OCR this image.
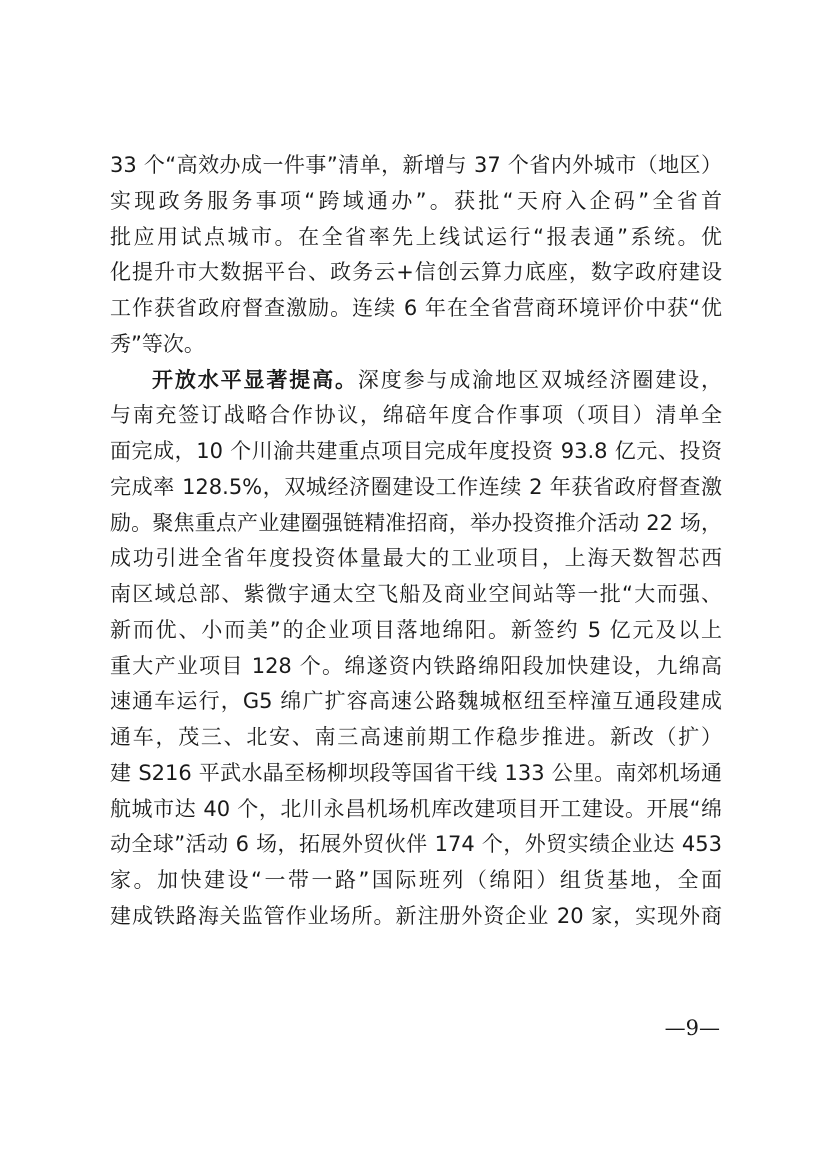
33 个“高效办成一件事”清单，新增与 37 个省内外城市（地区）
实现政务服务事项“跨域通办”。获批“天府入企码”全省首
批应用试点城市。在全省率先上线试运行“报表通”系统。优
化提升市大数据平台、政务云+信创云算力底座，数字政府建设
工作获省政府督查激励。连续 6 年在全省营商环境评价中获“优
秀”等次。
开放水平显著提高。深度参与成渝地区双城经济圈建设，
与南充签订战略合作协议，绵碚年度合作事项（项目）清单全
面完成，10 个川渝共建重点项目完成年度投资 93.8 亿元、投资
完成率 128.5%，双城经济圈建设工作连续 2 年获省政府督查激
励。聚焦重点产业建圈强链精准招商，举办投资推介活动 22 场，
成功引进全省年度投资体量最大的工业项目，上海天数智芯西
南区域总部、紫微宇通太空飞船及商业空间站等一批“大而强、
新而优、小而美”的企业项目落地绵阳。新签约 5 亿元及以上
重大产业项目 128 个。绵遂资内铁路绵阳段加快建设，九绵高
速通车运行，G5 绵广扩容高速公路魏城枢纽至梓潼互通段建成
通车，茂三、北安、南三高速前期工作稳步推进。新改（扩）
建 S216 平武水晶至杨柳坝段等国省干线 133 公里。南郊机场通
航城市达 40 个，北川永昌机场机库改建项目开工建设。开展“绵
动全球”活动 6 场，拓展外贸伙伴 174 个，外贸实绩企业达 453
家。加快建设“一带一路”国际班列（绵阳）组货基地，全面
建成铁路海关监管作业场所。新注册外资企业 20 家，实现外商
—9—
